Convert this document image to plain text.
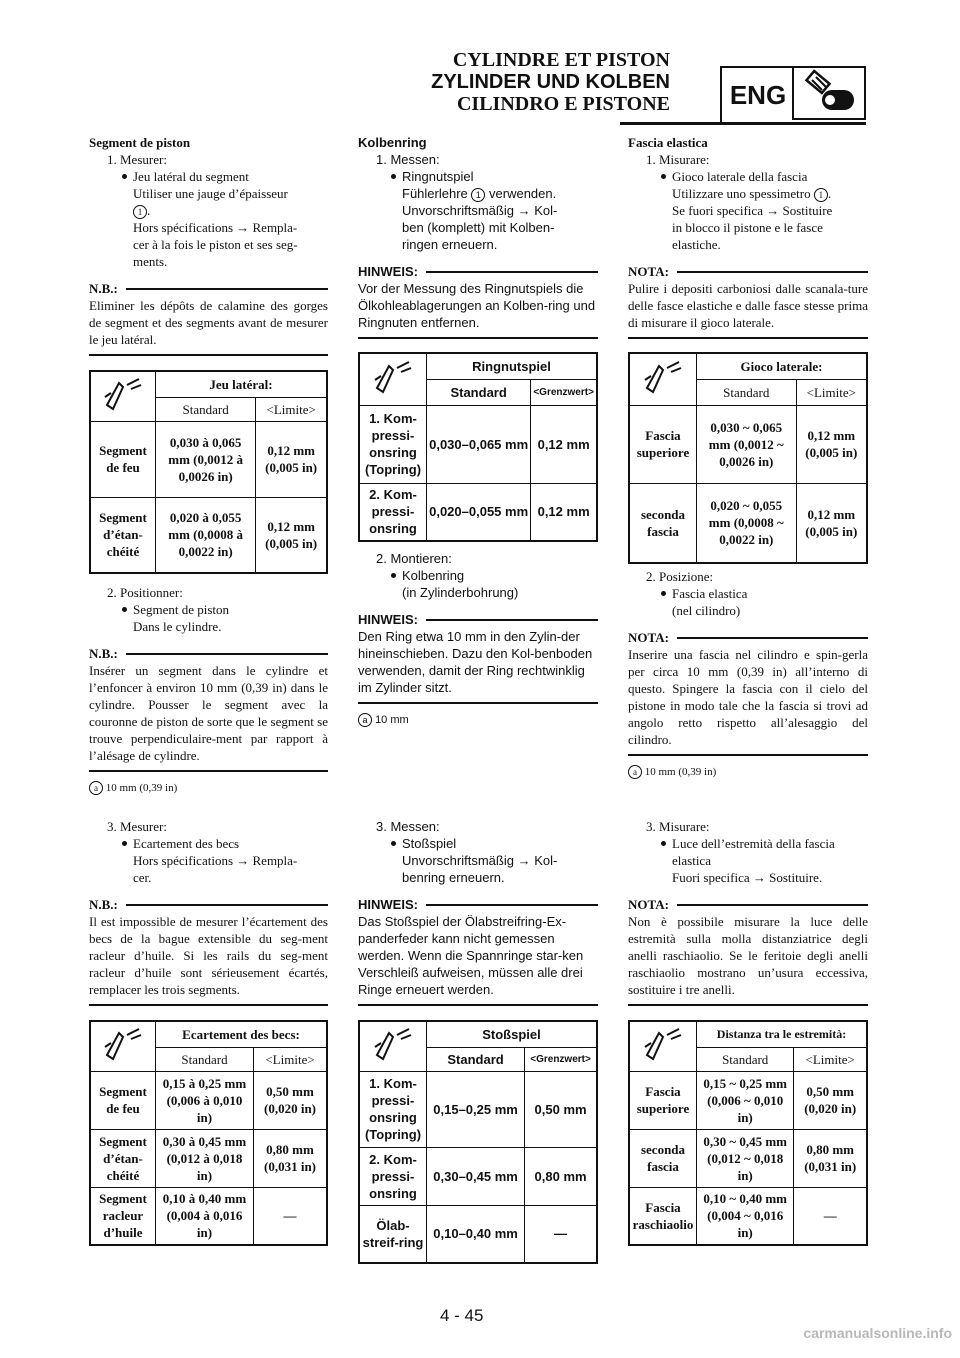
CYLINDRE ET PISTON
ZYLINDER UND KOLBEN
CILINDRO E PISTONE	ENG

Segment de piston

1. Mesurer:

Jeu latéral du segment

Utiliser une jauge d’épaisseur

1 .

Hors spécifications → Rempla-

cer à la fois le piston et ses seg-

ments.

N.B.:

Eliminer les dépôts de calamine des gorges de segment et des segments avant de mesurer le jeu latéral.

	Jeu latéral:	
	Standard	<Limite>
Segment de feu	0,030 à 0,065 mm (0,0012 à 0,0026 in)	0,12 mm (0,005 in)
Segment d’étan-chéité	0,020 à 0,055 mm (0,0008 à 0,0022 in)	0,12 mm (0,005 in)

2. Positionner:

Segment de piston

Dans le cylindre.

N.B.:

Insérer un segment dans le cylindre et l’enfoncer à environ 10 mm (0,39 in) dans le cylindre. Pousser le segment avec la couronne de piston de sorte que le segment se trouve perpendiculaire-ment par rapport à l’alésage de cylindre.

a 10 mm (0,39 in)

3. Mesurer:

Ecartement des becs

Hors spécifications → Rempla-

cer.

N.B.:

Il est impossible de mesurer l’écartement des becs de la bague extensible du seg-ment racleur d’huile. Si les rails du seg-ment racleur d’huile sont sérieusement écartés, remplacer les trois segments.

	Ecartement des becs:	
	Standard	<Limite>
Segment de feu	0,15 à 0,25 mm (0,006 à 0,010 in)	0,50 mm (0,020 in)
Segment d’étan-chéité	0,30 à 0,45 mm (0,012 à 0,018 in)	0,80 mm (0,031 in)
Segment racleur d’huile	0,10 à 0,40 mm (0,004 à 0,016 in)	—

Kolbenring

1. Messen:

Ringnutspiel

Fühlerlehre 1 verwenden.

Unvorschriftsmäßig → Kol-

ben (komplett) mit Kolben-

ringen erneuern.

HINWEIS:

Vor der Messung des Ringnutspiels die Ölkohleablagerungen an Kolben-ring und Ringnuten entfernen.

	Ringnutspiel	
	Standard	<Grenzwert>
1. Kom-pressi-onsring (Topring)	0,030–0,065 mm	0,12 mm
2. Kom-pressi-onsring	0,020–0,055 mm	0,12 mm

2. Montieren:

Kolbenring

(in Zylinderbohrung)

HINWEIS:

Den Ring etwa 10 mm in den Zylin-der hineinschieben. Dazu den Kol-benboden verwenden, damit der Ring rechtwinklig im Zylinder sitzt.

a 10 mm

3. Messen:

Stoßspiel

Unvorschriftsmäßig → Kol-

benring erneuern.

HINWEIS:

Das Stoßspiel der Ölabstreifring-Ex-panderfeder kann nicht gemessen werden. Wenn die Spannringe star-ken Verschleiß aufweisen, müssen alle drei Ringe erneuert werden.

	Stoßspiel	
	Standard	<Grenzwert>
1. Kom-pressi-onsring (Topring)	0,15–0,25 mm	0,50 mm
2. Kom-pressi-onsring	0,30–0,45 mm	0,80 mm
Ölab-streif-ring	0,10–0,40 mm	—

Fascia elastica

1. Misurare:

Gioco laterale della fascia

Utilizzare uno spessimetro 1 .

Se fuori specifica → Sostituire

in blocco il pistone e le fasce

elastiche.

NOTA:

Pulire i depositi carboniosi dalle scanala-ture delle fasce elastiche e dalle fasce stesse prima di misurare il gioco laterale.

	Gioco laterale:	
	Standard	<Limite>
Fascia superiore	0,030 ~ 0,065 mm (0,0012 ~ 0,0026 in)	0,12 mm (0,005 in)
seconda fascia	0,020 ~ 0,055 mm (0,0008 ~ 0,0022 in)	0,12 mm (0,005 in)

2. Posizione:

Fascia elastica

(nel cilindro)

NOTA:

Inserire una fascia nel cilindro e spin-gerla per circa 10 mm (0,39 in) all’interno di questo. Spingere la fascia con il cielo del pistone in modo tale che la fascia si trovi ad angolo retto rispetto all’alesaggio del cilindro.

a 10 mm (0,39 in)

3. Misurare:

Luce dell’estremità della fascia

elastica

Fuori specifica → Sostituire.

NOTA:

Non è possibile misurare la luce delle estremità sulla molla distanziatrice degli anelli raschiaolio. Se le feritoie degli anelli raschiaolio mostrano un’usura eccessiva, sostituire i tre anelli.

	Distanza tra le estremità:	
	Standard	<Limite>
Fascia superiore	0,15 ~ 0,25 mm (0,006 ~ 0,010 in)	0,50 mm (0,020 in)
seconda fascia	0,30 ~ 0,45 mm (0,012 ~ 0,018 in)	0,80 mm (0,031 in)
Fascia raschiaolio	0,10 ~ 0,40 mm (0,004 ~ 0,016 in)	—
4 - 45
carmanualsonline.info
